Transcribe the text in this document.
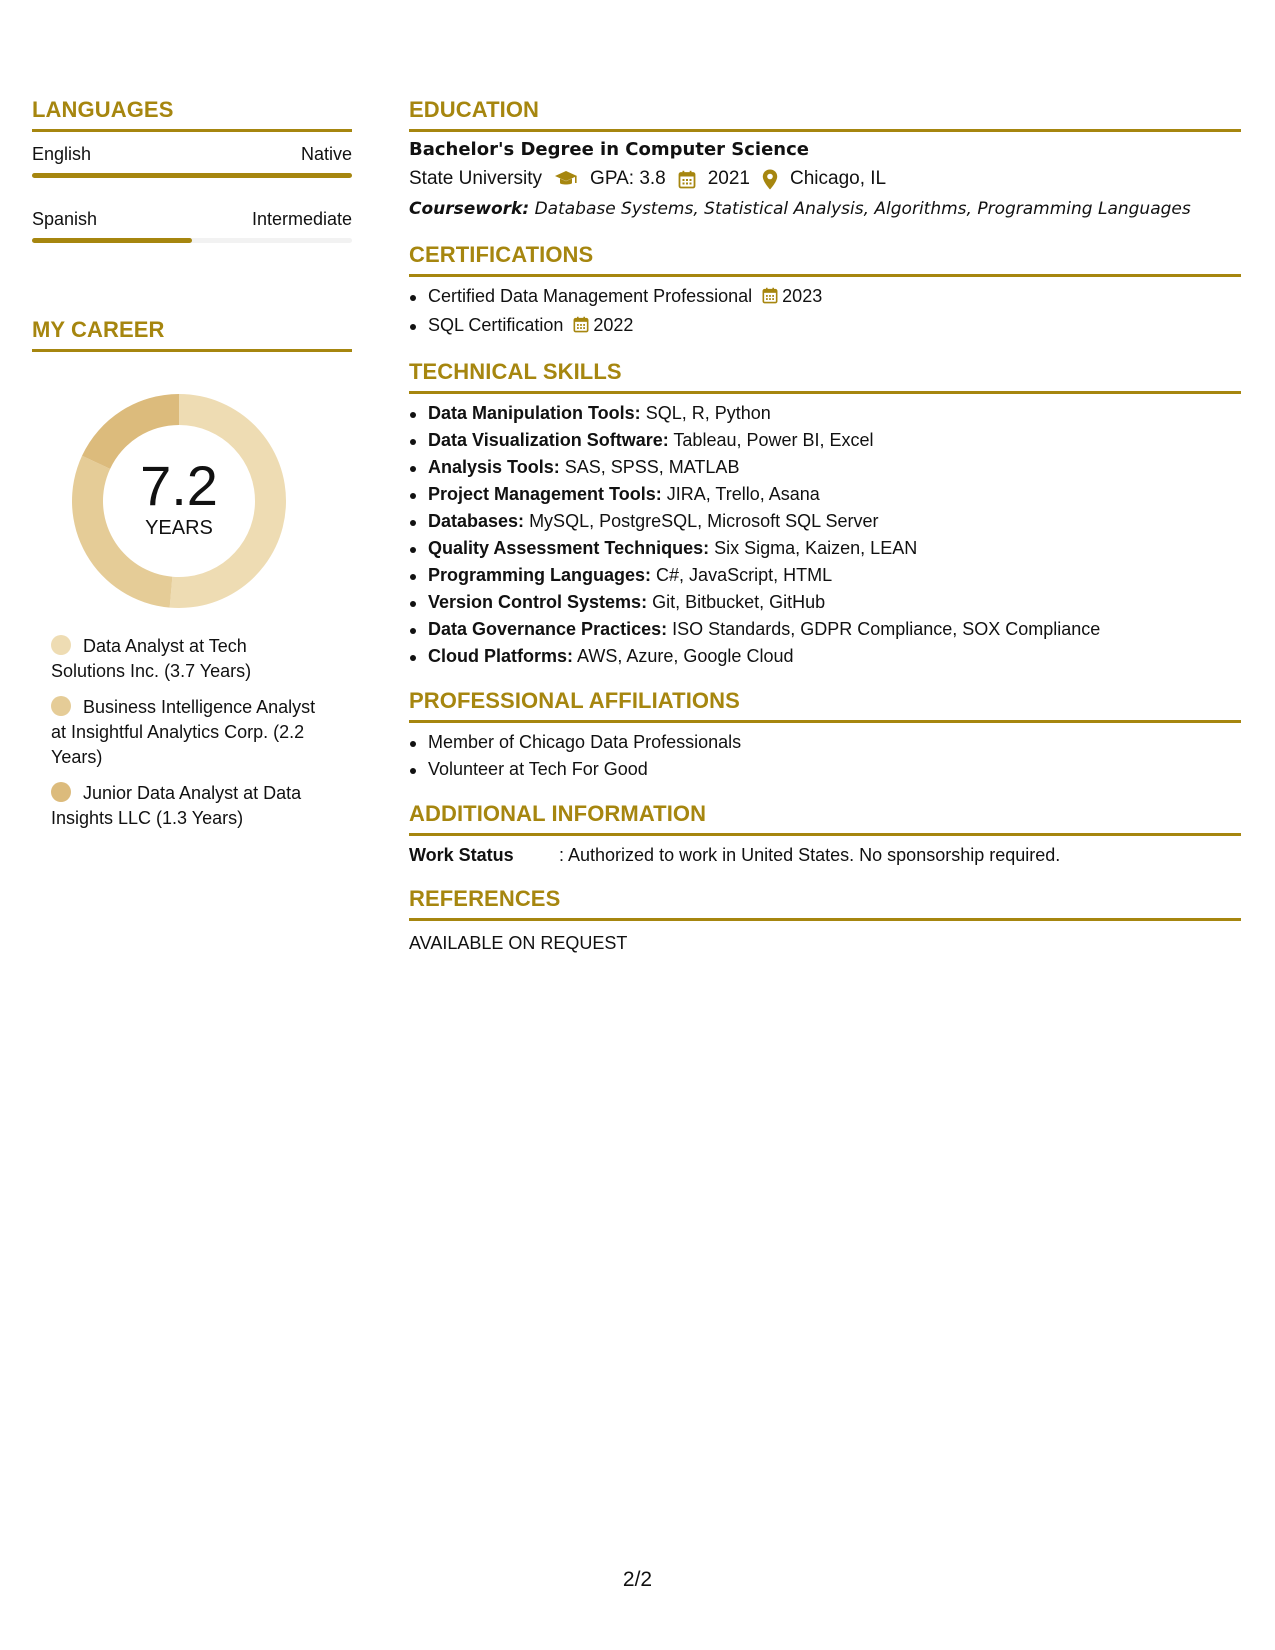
LANGUAGES
English	Native
Spanish	Intermediate
MY CAREER
7.2
YEARS
Data Analyst at Tech Solutions Inc. (3.7 Years)
Business Intelligence Analyst at Insightful Analytics Corp. (2.2 Years)
Junior Data Analyst at Data Insights LLC (1.3 Years)
EDUCATION
Bachelor's Degree in Computer Science
State University	GPA: 3.8 2021 Chicago, IL
Coursework: Database Systems, Statistical Analysis, Algorithms, Programming Languages
CERTIFICATIONS
Certified Data Management Professional 2023
SQL Certification 2022
TECHNICAL SKILLS
Data Manipulation Tools: SQL, R, Python
Data Visualization Software: Tableau, Power BI, Excel
Analysis Tools: SAS, SPSS, MATLAB
Project Management Tools: JIRA, Trello, Asana
Databases: MySQL, PostgreSQL, Microsoft SQL Server
Quality Assessment Techniques: Six Sigma, Kaizen, LEAN
Programming Languages: C#, JavaScript, HTML
Version Control Systems: Git, Bitbucket, GitHub
Data Governance Practices: ISO Standards, GDPR Compliance, SOX Compliance
Cloud Platforms: AWS, Azure, Google Cloud
PROFESSIONAL AFFILIATIONS
Member of Chicago Data Professionals
Volunteer at Tech For Good
ADDITIONAL INFORMATION
Work Status	: Authorized to work in United States. No sponsorship required.
REFERENCES
AVAILABLE ON REQUEST
2/2
